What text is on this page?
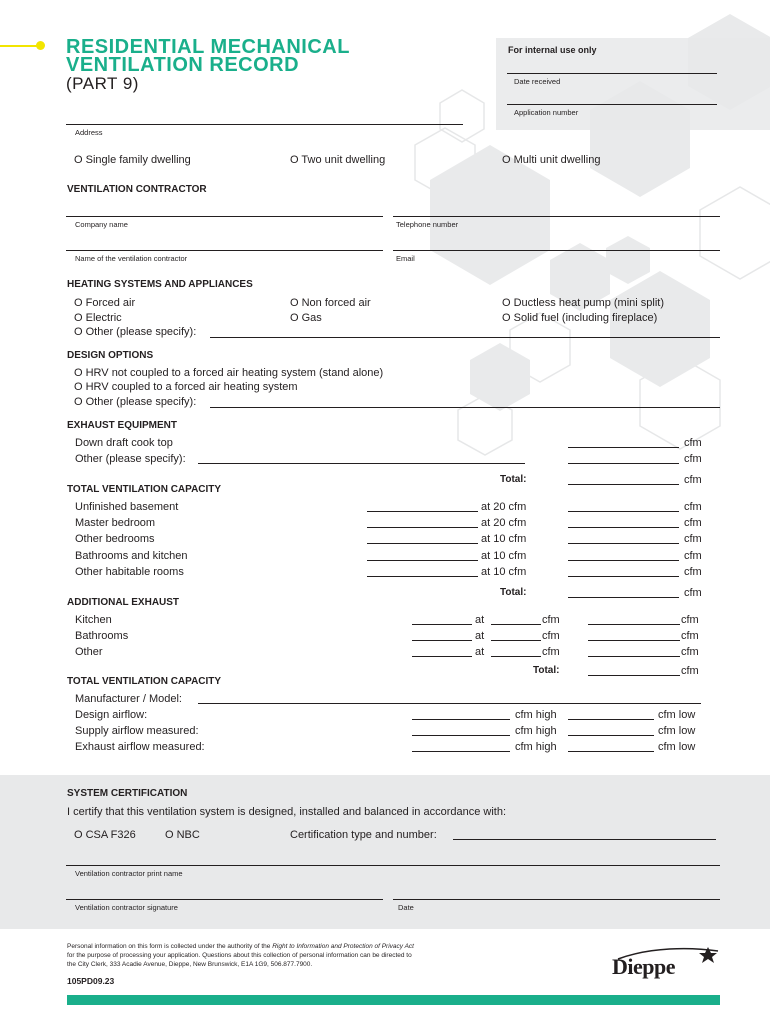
For internal use only
Date received
Application number
RESIDENTIAL MECHANICAL
VENTILATION RECORD
(PART 9)
Address
O Single family dwelling	O Two unit dwelling	O Multi unit dwelling
VENTILATION CONTRACTOR
Company name	Telephone number
Name of the ventilation contractor	Email
HEATING SYSTEMS AND APPLIANCES
O Forced air	O Non forced air	O Ductless heat pump (mini split)
O Electric	O Gas	O Solid fuel (including fireplace)
O Other (please specify):
DESIGN OPTIONS
O HRV not coupled to a forced air heating system (stand alone)
O HRV coupled to a forced air heating system
O Other (please specify):
EXHAUST EQUIPMENT
Down draft cook top	cfm
Other (please specify):	cfm
Total:	cfm
TOTAL VENTILATION CAPACITY
Unfinished basement	at 20 cfm	cfm
Master bedroom	at 20 cfm	cfm
Other bedrooms	at 10 cfm	cfm
Bathrooms and kitchen	at 10 cfm	cfm
Other habitable rooms	at 10 cfm	cfm
Total:	cfm
ADDITIONAL EXHAUST
Kitchen	at	cfm	cfm
Bathrooms	at	cfm	cfm
Other	at	cfm	cfm
Total:	cfm
TOTAL VENTILATION CAPACITY
Manufacturer / Model:
Design airflow:	cfm high	cfm low
Supply airflow measured:	cfm high	cfm low
Exhaust airflow measured:	cfm high	cfm low
SYSTEM CERTIFICATION
I certify that this ventilation system is designed, installed and balanced in accordance with:
O CSA F326	O NBC	Certification type and number:
Ventilation contractor print name
Ventilation contractor signature	Date
Personal information on this form is collected under the authority of the Right to Information and Protection of Privacy Act
for the purpose of processing your application. Questions about this collection of personal information can be directed to
the City Clerk, 333 Acadie Avenue, Dieppe, New Brunswick, E1A 1G9, 506.877.7900.
105PD09.23
Dieppe
